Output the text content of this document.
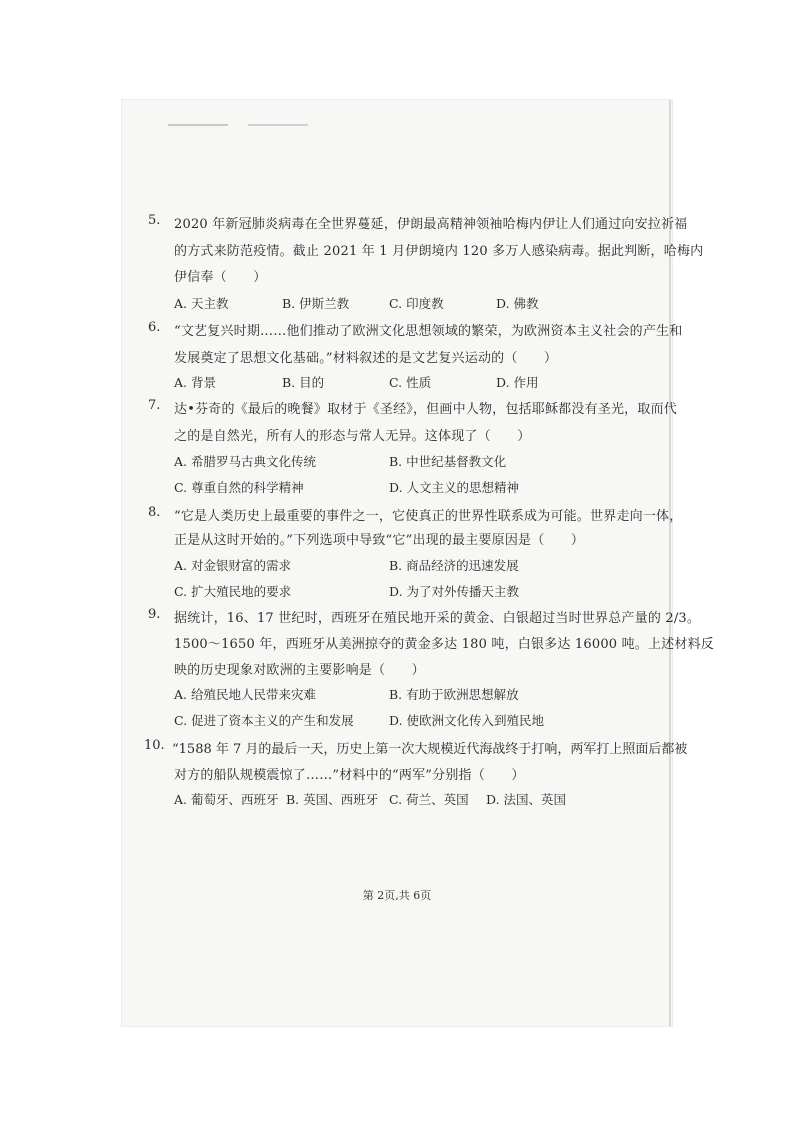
5. 2020 年新冠肺炎病毒在全世界蔓延，伊朗最高精神领袖哈梅内伊让人们通过向安拉祈福
的方式来防范疫情。截止 2021 年 1 月伊朗境内 120 多万人感染病毒。据此判断，哈梅内
伊信奉（　　）
A. 天主教	B. 伊斯兰教	C. 印度教	D. 佛教
6. “文艺复兴时期……他们推动了欧洲文化思想领域的繁荣，为欧洲资本主义社会的产生和
发展奠定了思想文化基础。”材料叙述的是文艺复兴运动的（　　）
A. 背景	B. 目的	C. 性质	D. 作用
7. 达•芬奇的《最后的晚餐》取材于《圣经》，但画中人物，包括耶稣都没有圣光，取而代
之的是自然光，所有人的形态与常人无异。这体现了（　　）
A. 希腊罗马古典文化传统	B. 中世纪基督教文化
C. 尊重自然的科学精神	D. 人文主义的思想精神
8. “它是人类历史上最重要的事件之一，它使真正的世界性联系成为可能。世界走向一体，
正是从这时开始的。”下列选项中导致“它”出现的最主要原因是（　　）
A. 对金银财富的需求	B. 商品经济的迅速发展
C. 扩大殖民地的要求	D. 为了对外传播天主教
9. 据统计，16、17 世纪时，西班牙在殖民地开采的黄金、白银超过当时世界总产量的 2/3。
1500～1650 年，西班牙从美洲掠夺的黄金多达 180 吨，白银多达 16000 吨。上述材料反
映的历史现象对欧洲的主要影响是（　　）
A. 给殖民地人民带来灾难	B. 有助于欧洲思想解放
C. 促进了资本主义的产生和发展	D. 使欧洲文化传入到殖民地
10. “1588 年 7 月的最后一天，历史上第一次大规模近代海战终于打响，两军打上照面后都被
对方的船队规模震惊了……”材料中的“两军”分别指（　　）
A. 葡萄牙、西班牙 B. 英国、西班牙 C. 荷兰、英国 D. 法国、英国
第 2页,共 6页
